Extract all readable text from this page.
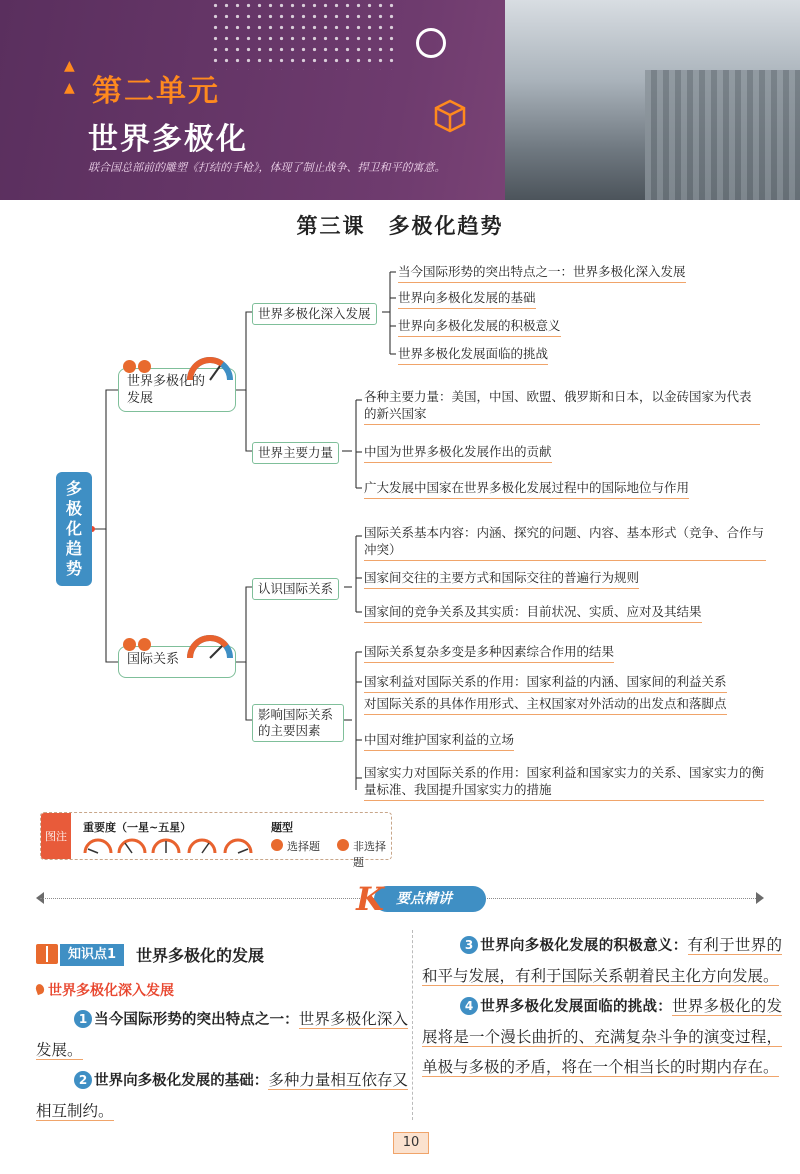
▲
▲ 第二单元
世界多极化
联合国总部前的雕塑《打结的手枪》，体现了制止战争、捍卫和平的寓意。
第三课　多极化趋势
多极化趋势
世界多极化的发展
国际关系
世界多极化深入发展
世界主要力量
认识国际关系
影响国际关系的主要因素
当今国际形势的突出特点之一：世界多极化深入发展
世界向多极化发展的基础
世界向多极化发展的积极意义
世界多极化发展面临的挑战
各种主要力量：美国，中国、欧盟、俄罗斯和日本，以金砖国家为代表的新兴国家
中国为世界多极化发展作出的贡献
广大发展中国家在世界多极化发展过程中的国际地位与作用
国际关系基本内容：内涵、探究的问题、内容、基本形式（竞争、合作与冲突）
国家间交往的主要方式和国际交往的普遍行为规则
国家间的竞争关系及其实质：目前状况、实质、应对及其结果
国际关系复杂多变是多种因素综合作用的结果
国家利益对国际关系的作用：国家利益的内涵、国家间的利益关系
对国际关系的具体作用形式、主权国家对外活动的出发点和落脚点
中国对维护国家利益的立场
国家实力对国际关系的作用：国家利益和国家实力的关系、国家实力的衡量标准、我国提升国家实力的措施
图注
重要度（一星~五星）	题型
选择题	非选择题
要点精讲
K
知识点1	世界多极化的发展
世界多极化深入发展

1 当今国际形势的突出特点之一：世界多极化深入发展。

2 世界向多极化发展的基础：多种力量相互依存又相互制约。

3 世界向多极化发展的积极意义：有利于世界的和平与发展，有利于国际关系朝着民主化方向发展。

4 世界多极化发展面临的挑战：世界多极化的发展将是一个漫长曲折的、充满复杂斗争的演变过程，单极与多极的矛盾，将在一个相当长的时期内存在。

10
